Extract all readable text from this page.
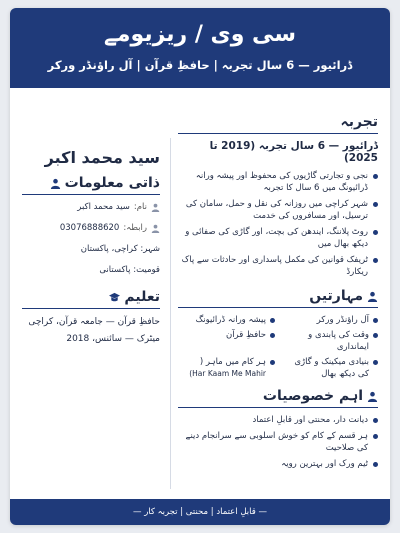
سی وی / ریزیومے
ڈرائیور — 6 سال تجربہ | حافظِ قرآن | آل راؤنڈر ورکر
تجربہ
ڈرائیور — 6 سال تجربہ (2019 تا 2025)
نجی و تجارتی گاڑیوں کی محفوظ اور پیشہ ورانہ ڈرائیونگ میں 6 سال کا تجربہ
شہر کراچی میں روزانہ کی نقل و حمل، سامان کی ترسیل، اور مسافروں کی خدمت
روٹ پلاننگ، ایندھن کی بچت، اور گاڑی کی صفائی و دیکھ بھال میں
ٹریفک قوانین کی مکمل پاسداری اور حادثات سے پاک ریکارڈ
مہارتیں
آل راؤنڈر ورکر
پیشہ ورانہ ڈرائیونگ
وقت کی پابندی و ایمانداری
حافظِ قرآن
بنیادی میکینک و گاڑی کی دیکھ بھال
ہر کام میں ماہر (
(Har Kaam Me Mahir
اہم خصوصیات
دیانت دار، محنتی اور قابلِ اعتماد
ہر قسم کے کام کو خوش اسلوبی سے سرانجام دینے کی صلاحیت
ٹیم ورک اور بہترین رویہ
سید محمد اکبر
ذاتی معلومات
نام:
سید محمد اکبر
رابطہ:
03076888620
شہر: کراچی، پاکستان
قومیت: پاکستانی
تعلیم
حافظِ قرآن — جامعہ قرآن، کراچی
میٹرک — سائنس، 2018
— قابلِ اعتماد | محنتی | تجربہ کار —
